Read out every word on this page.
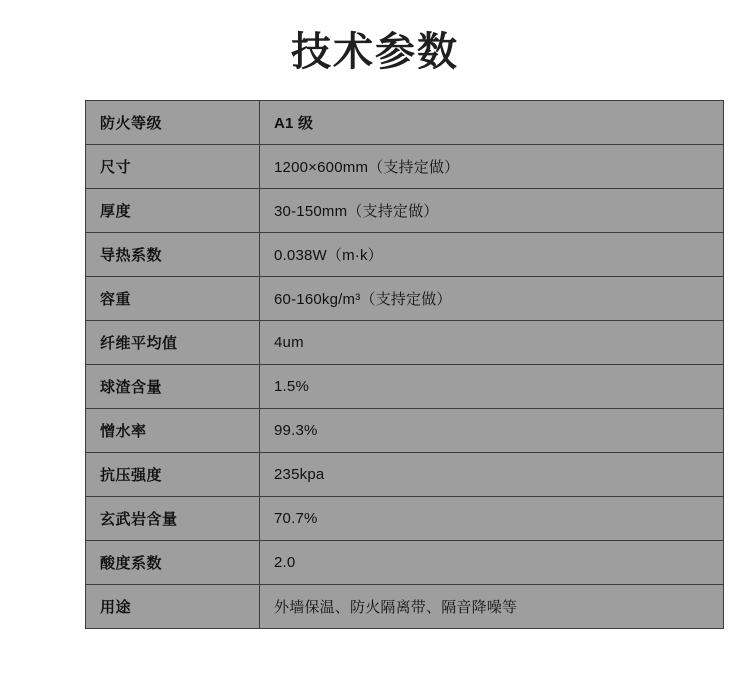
技术参数
防火等级	A1 级
尺寸	1200×600mm（支持定做）
厚度	30-150mm（支持定做）
导热系数	0.038W（m·k）
容重	60-160kg/m³（支持定做）
纤维平均值	4um
球渣含量	1.5%
憎水率	99.3%
抗压强度	235kpa
玄武岩含量	70.7%
酸度系数	2.0
用途	外墙保温、防火隔离带、隔音降噪等
